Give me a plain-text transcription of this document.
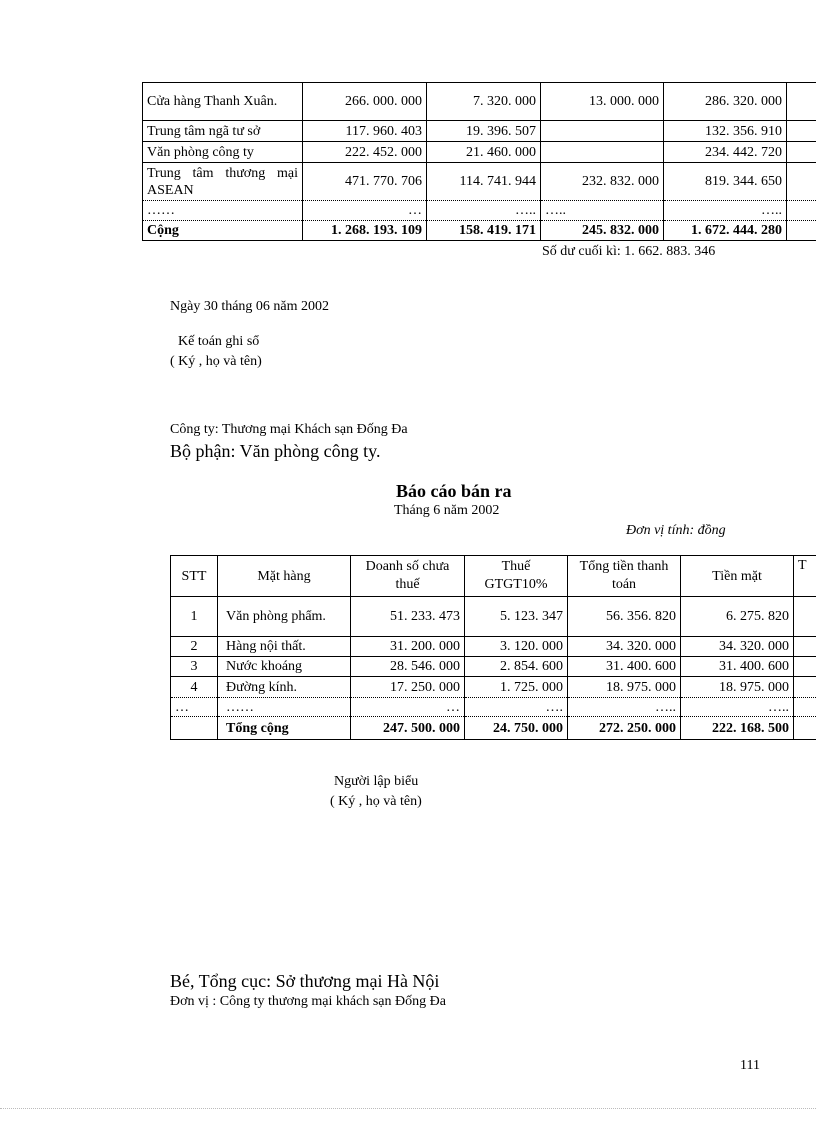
Cửa hàng Thanh Xuân.	266. 000. 000	7. 320. 000	13. 000. 000	286. 320. 000	
Trung tâm ngã tư sở	117. 960. 403	19. 396. 507		132. 356. 910	
Văn phòng công ty	222. 452. 000	21. 460. 000		234. 442. 720	
Trung tâm thương mại ASEAN	471. 770. 706	114. 741. 944	232. 832. 000	819. 344. 650	
……	…	…..	…..	…..	
Cộng	1. 268. 193. 109	158. 419. 171	245. 832. 000	1. 672. 444. 280	
Số dư cuối kì: 1. 662. 883. 346
Ngày 30 tháng 06 năm 2002
Kế toán ghi sổ
( Ký , họ và tên)
Công ty: Thương mại Khách sạn Đống Đa
Bộ phận: Văn phòng công ty.
Báo cáo bán ra
Tháng 6 năm 2002
Đơn vị tính: đồng
STT	Mặt hàng	Doanh số chưa thuế	Thuế GTGT10%	Tổng tiền thanh toán	Tiền mặt	T
1	Văn phòng phẩm.	51. 233. 473	5. 123. 347	56. 356. 820	6. 275. 820	
2	Hàng nội thất.	31. 200. 000	3. 120. 000	34. 320. 000	34. 320. 000	
3	Nước khoáng	28. 546. 000	2. 854. 600	31. 400. 600	31. 400. 600	
4	Đường kính.	17. 250. 000	1. 725. 000	18. 975. 000	18. 975. 000	
…	……	…	….	…..	…..	
	Tổng cộng	247. 500. 000	24. 750. 000	272. 250. 000	222. 168. 500	
Người lập biểu
( Ký , họ và tên)
Bé, Tổng cục: Sở thương mại Hà Nội
Đơn vị : Công ty thương mại khách sạn Đống Đa
111
